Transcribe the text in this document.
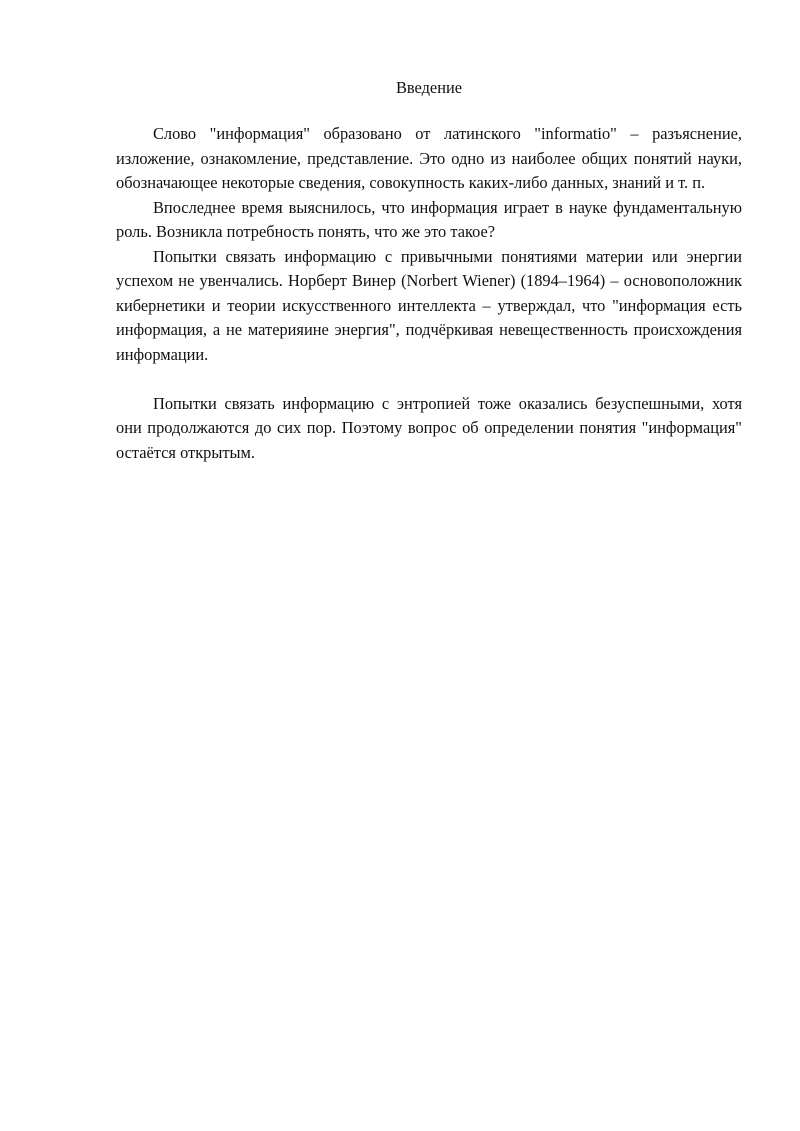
Введение

Слово "информация" образовано от латинского "informatio" – разъяснение, изложение, ознакомление, представление. Это одно из наиболее общих понятий науки, обозначающее некоторые сведения, совокупность каких-либо данных, знаний и т. п.

Впоследнее время выяснилось, что информация играет в науке фундаментальную роль. Возникла потребность понять, что же это такое?

Попытки связать информацию с привычными понятиями материи или энергии успехом не увенчались. Норберт Винер (Norbert Wiener) (1894–1964) – основоположник кибернетики и теории искусственного интеллекта – утверждал, что "информация есть информация, а не материяине энергия", подчёркивая невещественность происхождения информации.

Попытки связать информацию с энтропией тоже оказались безуспешными, хотя они продолжаются до сих пор. Поэтому вопрос об определении понятия "информация" остаётся открытым.
